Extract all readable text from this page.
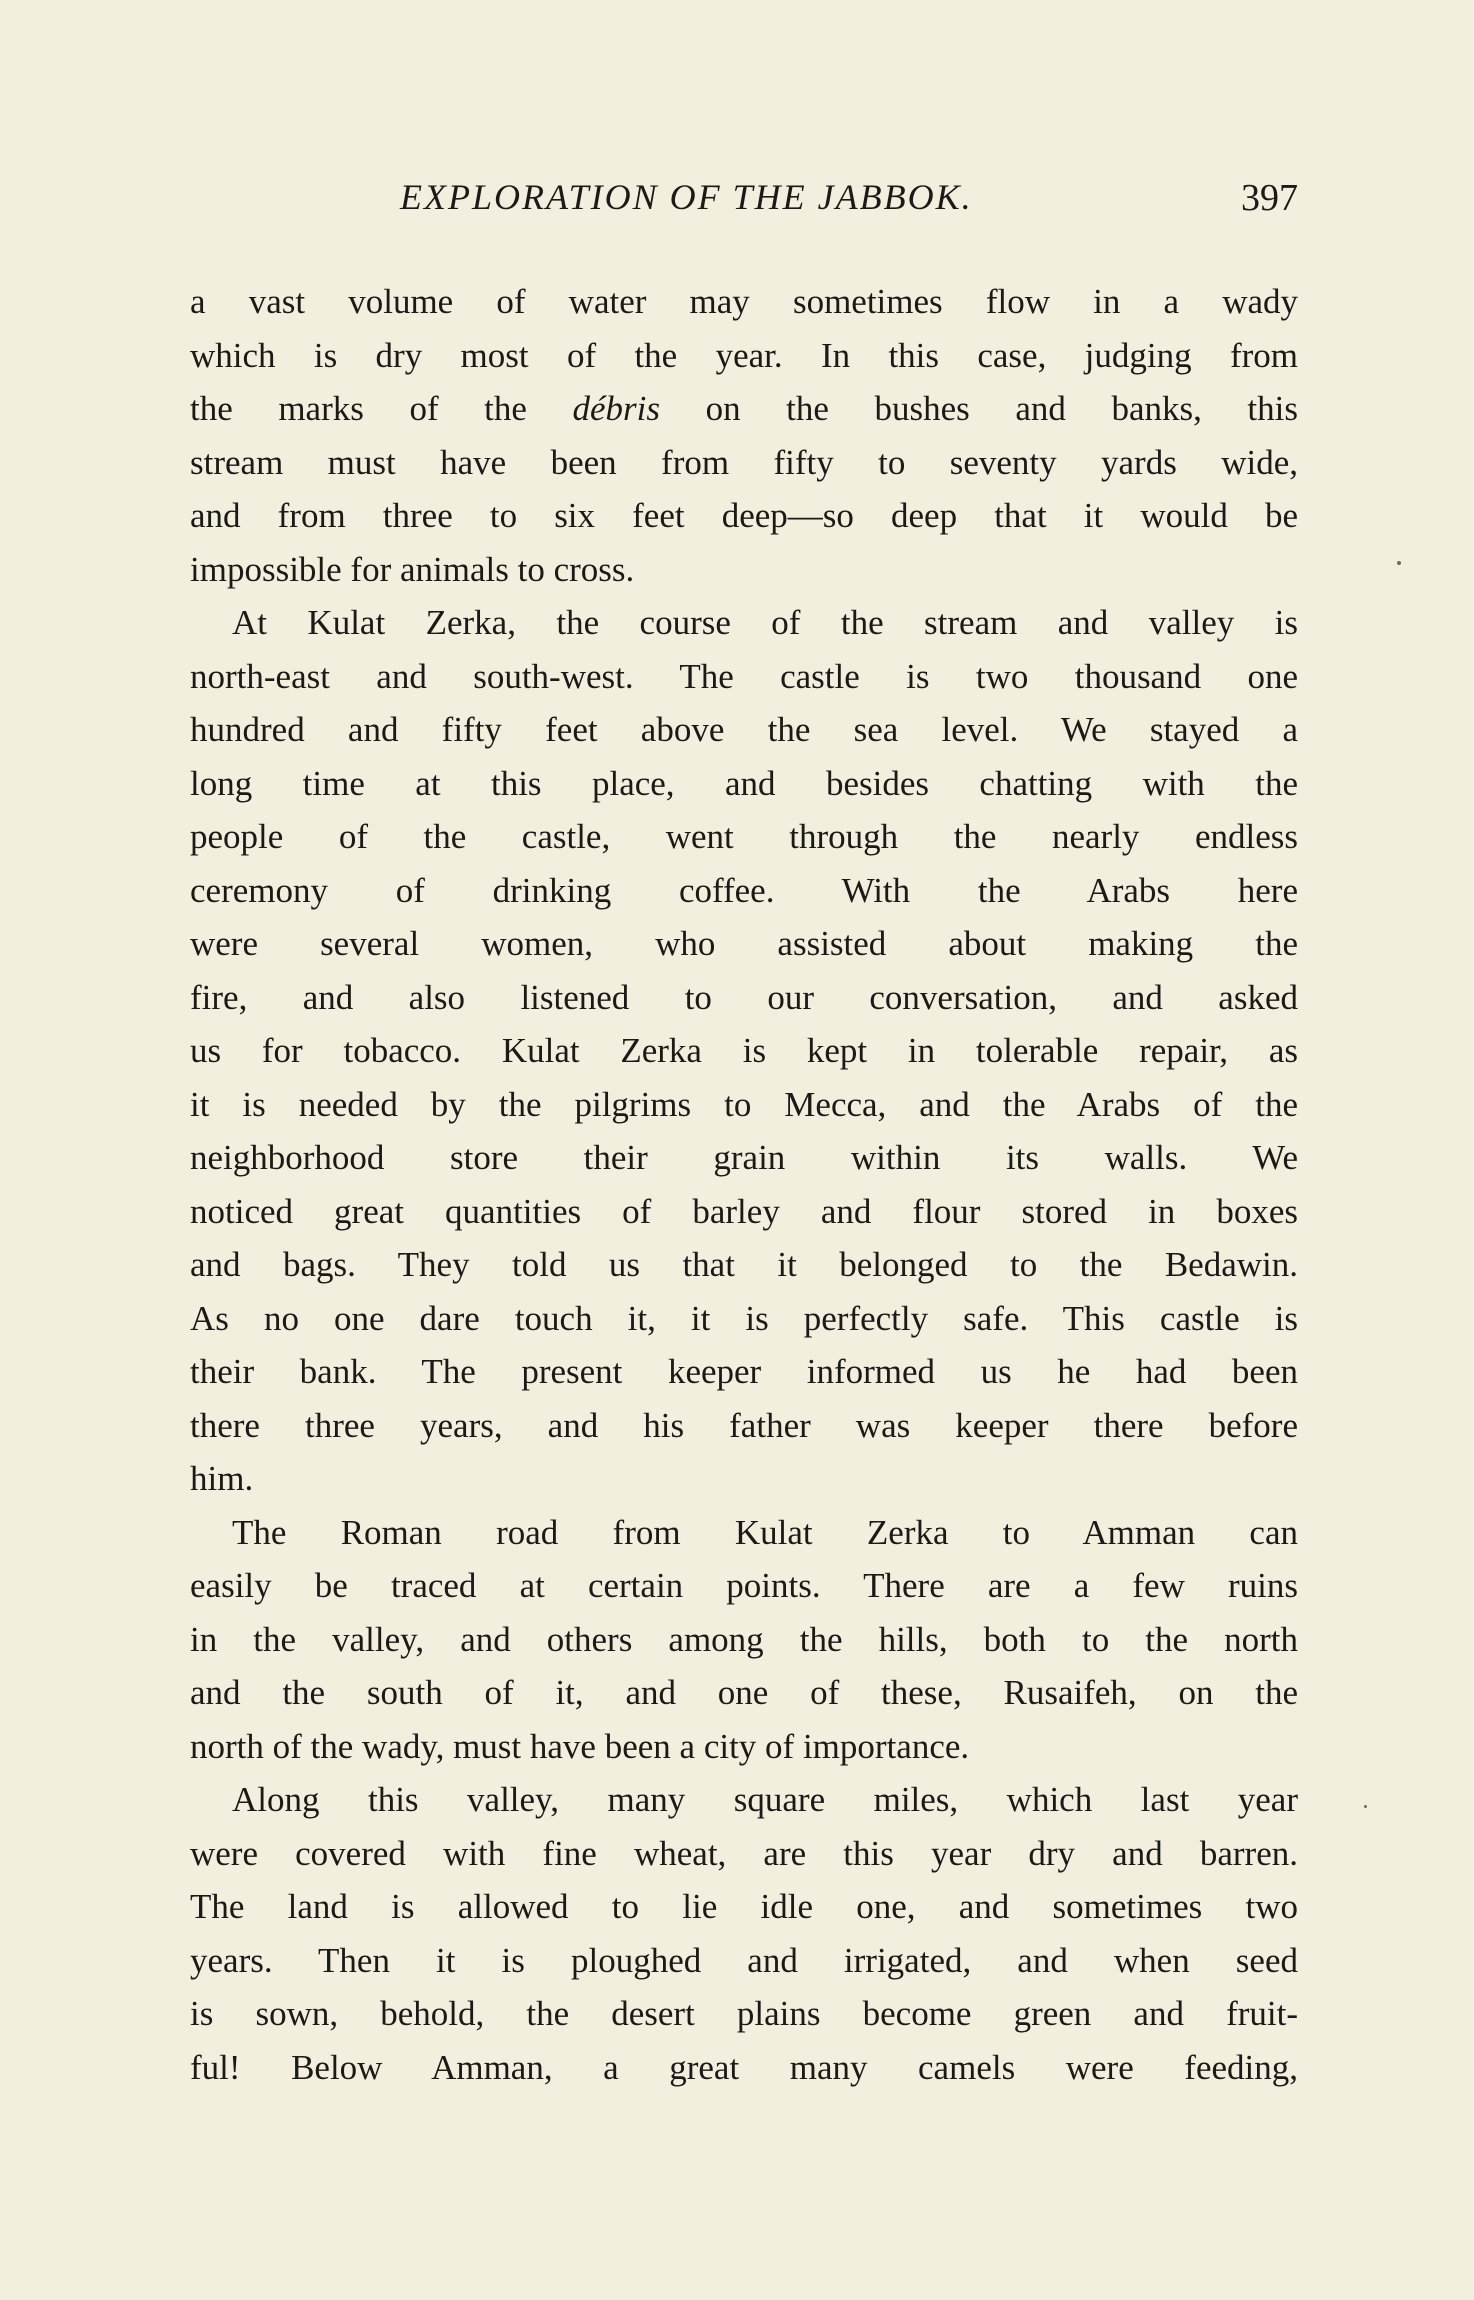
EXPLORATION OF THE JABBOK.	397
a vast volume of water may sometimes flow in a wady
which is dry most of the year. In this case, judging from
the marks of the débris on the bushes and banks, this
stream must have been from fifty to seventy yards wide,
and from three to six feet deep—so deep that it would be
impossible for animals to cross.
At Kulat Zerka, the course of the stream and valley is
north-east and south-west. The castle is two thousand one
hundred and fifty feet above the sea level. We stayed a
long time at this place, and besides chatting with the
people of the castle, went through the nearly endless
ceremony of drinking coffee. With the Arabs here
were several women, who assisted about making the
fire, and also listened to our conversation, and asked
us for tobacco. Kulat Zerka is kept in tolerable repair, as
it is needed by the pilgrims to Mecca, and the Arabs of the
neighborhood store their grain within its walls. We
noticed great quantities of barley and flour stored in boxes
and bags. They told us that it belonged to the Bedawin.
As no one dare touch it, it is perfectly safe. This castle is
their bank. The present keeper informed us he had been
there three years, and his father was keeper there before
him.
The Roman road from Kulat Zerka to Amman can
easily be traced at certain points. There are a few ruins
in the valley, and others among the hills, both to the north
and the south of it, and one of these, Rusaifeh, on the
north of the wady, must have been a city of importance.
Along this valley, many square miles, which last year
were covered with fine wheat, are this year dry and barren.
The land is allowed to lie idle one, and sometimes two
years. Then it is ploughed and irrigated, and when seed
is sown, behold, the desert plains become green and fruit-
ful! Below Amman, a great many camels were feeding,
